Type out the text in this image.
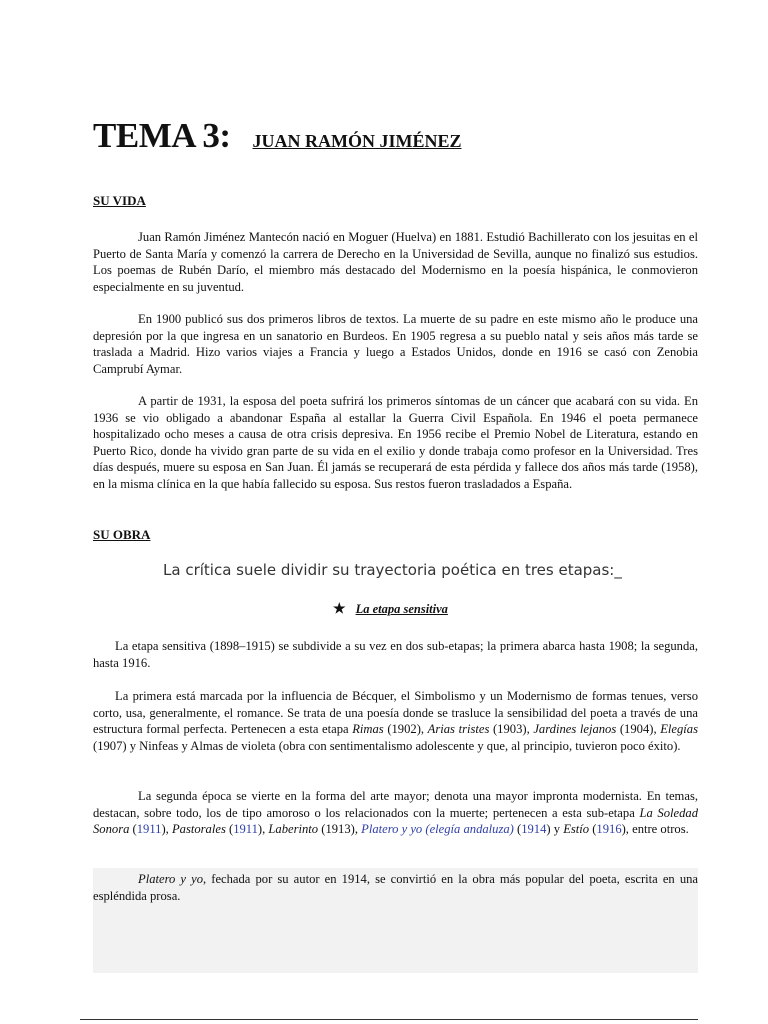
TEMA 3: JUAN RAMÓN JIMÉNEZ
SU VIDA

Juan Ramón Jiménez Mantecón nació en Moguer (Huelva) en 1881. Estudió Bachillerato con los jesuitas en el Puerto de Santa María y comenzó la carrera de Derecho en la Universidad de Sevilla, aunque no finalizó sus estudios. Los poemas de Rubén Darío, el miembro más destacado del Modernismo en la poesía hispánica, le conmovieron especialmente en su juventud.

En 1900 publicó sus dos primeros libros de textos. La muerte de su padre en este mismo año le produce una depresión por la que ingresa en un sanatorio en Burdeos. En 1905 regresa a su pueblo natal y seis años más tarde se traslada a Madrid. Hizo varios viajes a Francia y luego a Estados Unidos, donde en 1916 se casó con Zenobia Camprubí Aymar.

A partir de 1931, la esposa del poeta sufrirá los primeros síntomas de un cáncer que acabará con su vida. En 1936 se vio obligado a abandonar España al estallar la Guerra Civil Española. En 1946 el poeta permanece hospitalizado ocho meses a causa de otra crisis depresiva. En 1956 recibe el Premio Nobel de Literatura, estando en Puerto Rico, donde ha vivido gran parte de su vida en el exilio y donde trabaja como profesor en la Universidad. Tres días después, muere su esposa en San Juan. Él jamás se recuperará de esta pérdida y fallece dos años más tarde (1958), en la misma clínica en la que había fallecido su esposa. Sus restos fueron trasladados a España.

SU OBRA
La crítica suele dividir su trayectoria poética en tres etapas:_
★ La etapa sensitiva

La etapa sensitiva (1898–1915) se subdivide a su vez en dos sub-etapas; la primera abarca hasta 1908; la segunda, hasta 1916.

La primera está marcada por la influencia de Bécquer, el Simbolismo y un Modernismo de formas tenues, verso corto, usa, generalmente, el romance. Se trata de una poesía donde se trasluce la sensibilidad del poeta a través de una estructura formal perfecta. Pertenecen a esta etapa Rimas (1902), Arias tristes (1903), Jardines lejanos (1904), Elegías (1907) y Ninfeas y Almas de violeta (obra con sentimentalismo adolescente y que, al principio, tuvieron poco éxito).

La segunda época se vierte en la forma del arte mayor; denota una mayor impronta modernista. En temas, destacan, sobre todo, los de tipo amoroso o los relacionados con la muerte; pertenecen a esta sub-etapa La Soledad Sonora (1911), Pastorales (1911), Laberinto (1913), Platero y yo (elegía andaluza) (1914) y Estío (1916), entre otros.

Platero y yo, fechada por su autor en 1914, se convirtió en la obra más popular del poeta, escrita en una espléndida prosa.
